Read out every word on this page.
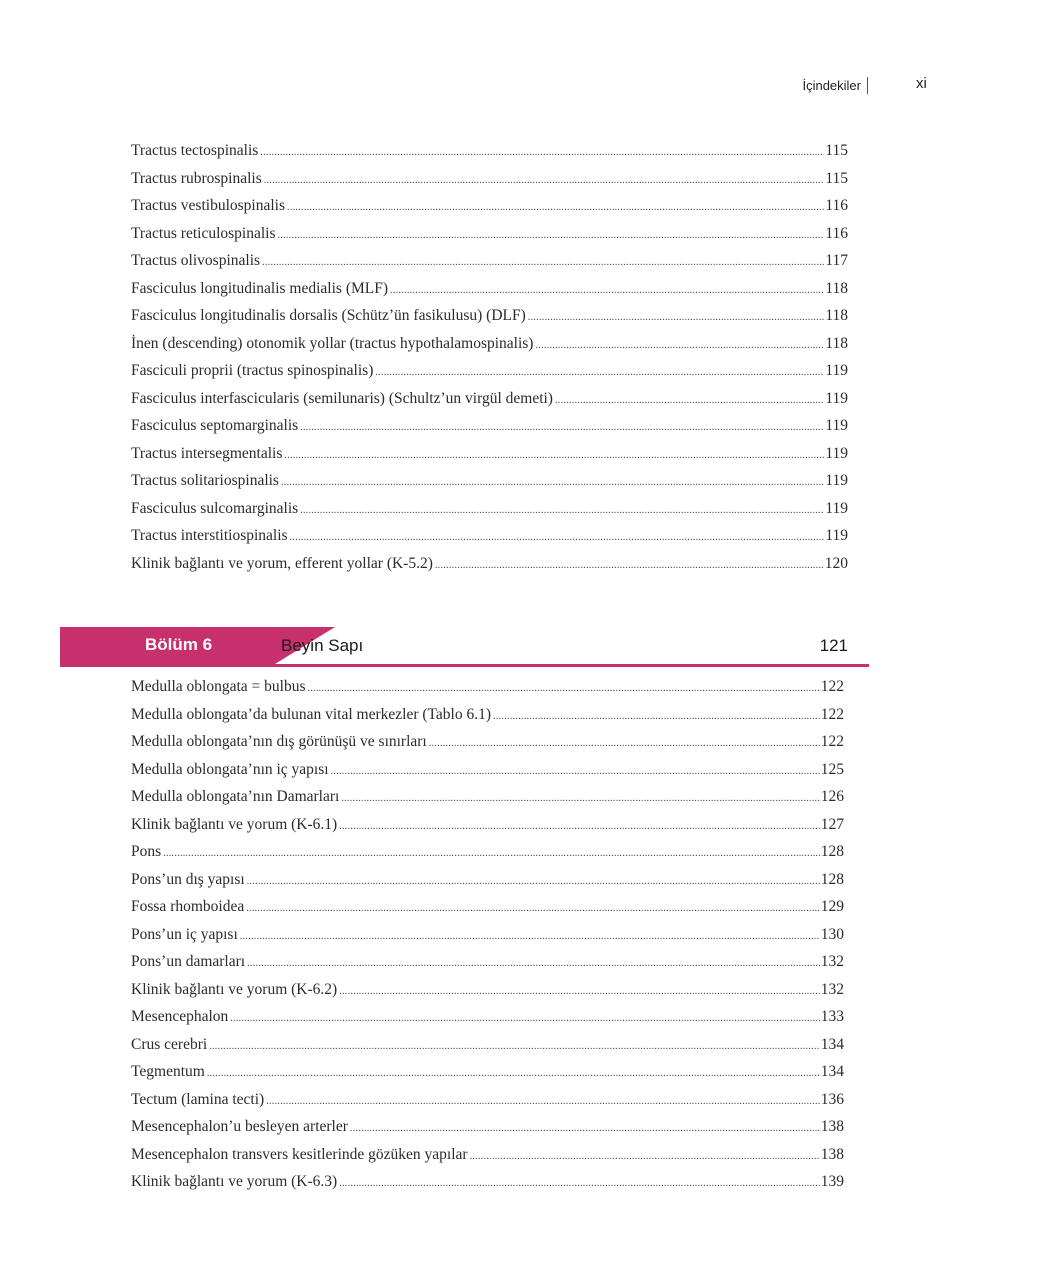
İçindekiler	xi
Tractus tectospinalis .....	115
Tractus rubrospinalis .....	115
Tractus vestibulospinalis .....	116
Tractus reticulospinalis .....	116
Tractus olivospinalis .....	117
Fasciculus longitudinalis medialis (MLF) .....	118
Fasciculus longitudinalis dorsalis (Schütz’ün fasikulusu) (DLF) .....	118
İnen (descending) otonomik yollar (tractus hypothalamospinalis) .....	118
Fasciculi proprii (tractus spinospinalis) .....	119
Fasciculus interfascicularis (semilunaris) (Schultz’un virgül demeti) .....	119
Fasciculus septomarginalis .....	119
Tractus intersegmentalis .....	119
Tractus solitariospinalis .....	119
Fasciculus sulcomarginalis .....	119
Tractus interstitiospinalis .....	119
Klinik bağlantı ve yorum, efferent yollar (K-5.2) .....	120
Bölüm 6	Beyin Sapı	121
Medulla oblongata = bulbus .....	122
Medulla oblongata’da bulunan vital merkezler (Tablo 6.1) .....	122
Medulla oblongata’nın dış görünüşü ve sınırları .....	122
Medulla oblongata’nın iç yapısı .....	125
Medulla oblongata’nın Damarları .....	126
Klinik bağlantı ve yorum (K-6.1) .....	127
Pons .....	128
Pons’un dış yapısı .....	128
Fossa rhomboidea .....	129
Pons’un iç yapısı .....	130
Pons’un damarları .....	132
Klinik bağlantı ve yorum (K-6.2) .....	132
Mesencephalon .....	133
Crus cerebri .....	134
Tegmentum .....	134
Tectum (lamina tecti) .....	136
Mesencephalon’u besleyen arterler .....	138
Mesencephalon transvers kesitlerinde gözüken yapılar .....	138
Klinik bağlantı ve yorum (K-6.3) .....	139
